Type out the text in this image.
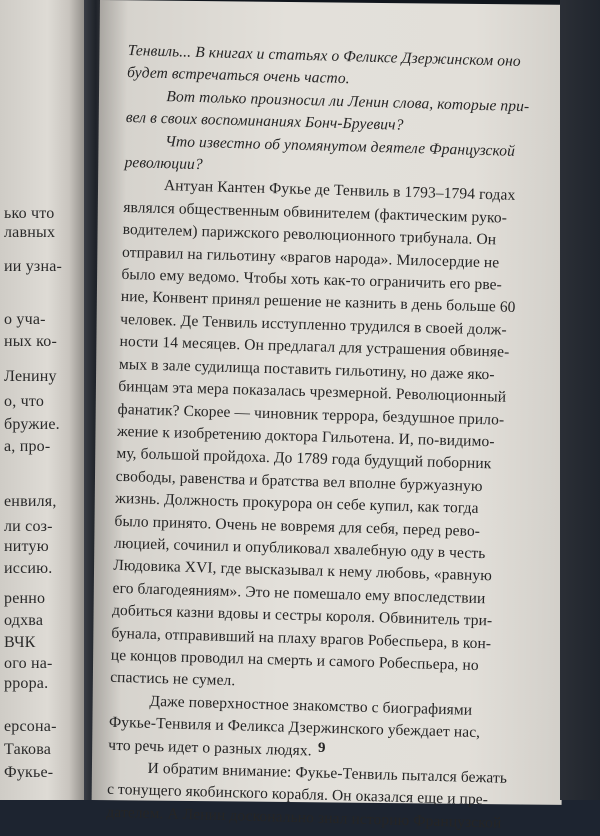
ько что
лавных
ии узна-
о уча-
ных ко-
Ленину
о, что
бружие.
а, про-
енвиля,
ли соз-
нитую
иссию.
ренно
одхва
ВЧК
ого на-
ррора.
ерсона-
Такова
Фукье-
Тенвиль... В книгах и статьях о Феликсе Дзержинском оно
будет встречаться очень часто.
Вот только произносил ли Ленин слова, которые при-
вел в своих воспоминаниях Бонч-Бруевич?
Что известно об упомянутом деятеле Французской
революции?
Антуан Кантен Фукье де Тенвиль в 1793–1794 годах
являлся общественным обвинителем (фактическим руко-
водителем) парижского революционного трибунала. Он
отправил на гильотину «врагов народа». Милосердие не
было ему ведомо. Чтобы хоть как-то ограничить его рве-
ние, Конвент принял решение не казнить в день больше 60
человек. Де Тенвиль исступленно трудился в своей долж-
ности 14 месяцев. Он предлагал для устрашения обвиняе-
мых в зале судилища поставить гильотину, но даже яко-
бинцам эта мера показалась чрезмерной. Революционный
фанатик? Скорее — чиновник террора, бездушное прило-
жение к изобретению доктора Гильотена. И, по-видимо-
му, большой пройдоха. До 1789 года будущий поборник
свободы, равенства и братства вел вполне буржуазную
жизнь. Должность прокурора он себе купил, как тогда
было принято. Очень не вовремя для себя, перед рево-
люцией, сочинил и опубликовал хвалебную оду в честь
Людовика XVI, где высказывал к нему любовь, «равную
его благодеяниям». Это не помешало ему впоследствии
добиться казни вдовы и сестры короля. Обвинитель три-
бунала, отправивший на плаху врагов Робеспьера, в кон-
це концов проводил на смерть и самого Робеспьера, но
спастись не сумел.
Даже поверхностное знакомство с биографиями
Фукье-Тенвиля и Феликса Дзержинского убеждает нас,
что речь идет о разных людях.
И обратим внимание: Фукье-Тенвиль пытался бежать
с тонущего якобинского корабля. Он оказался еще и пре-
дателем. А Ленин досконально знал историю Французской
9
